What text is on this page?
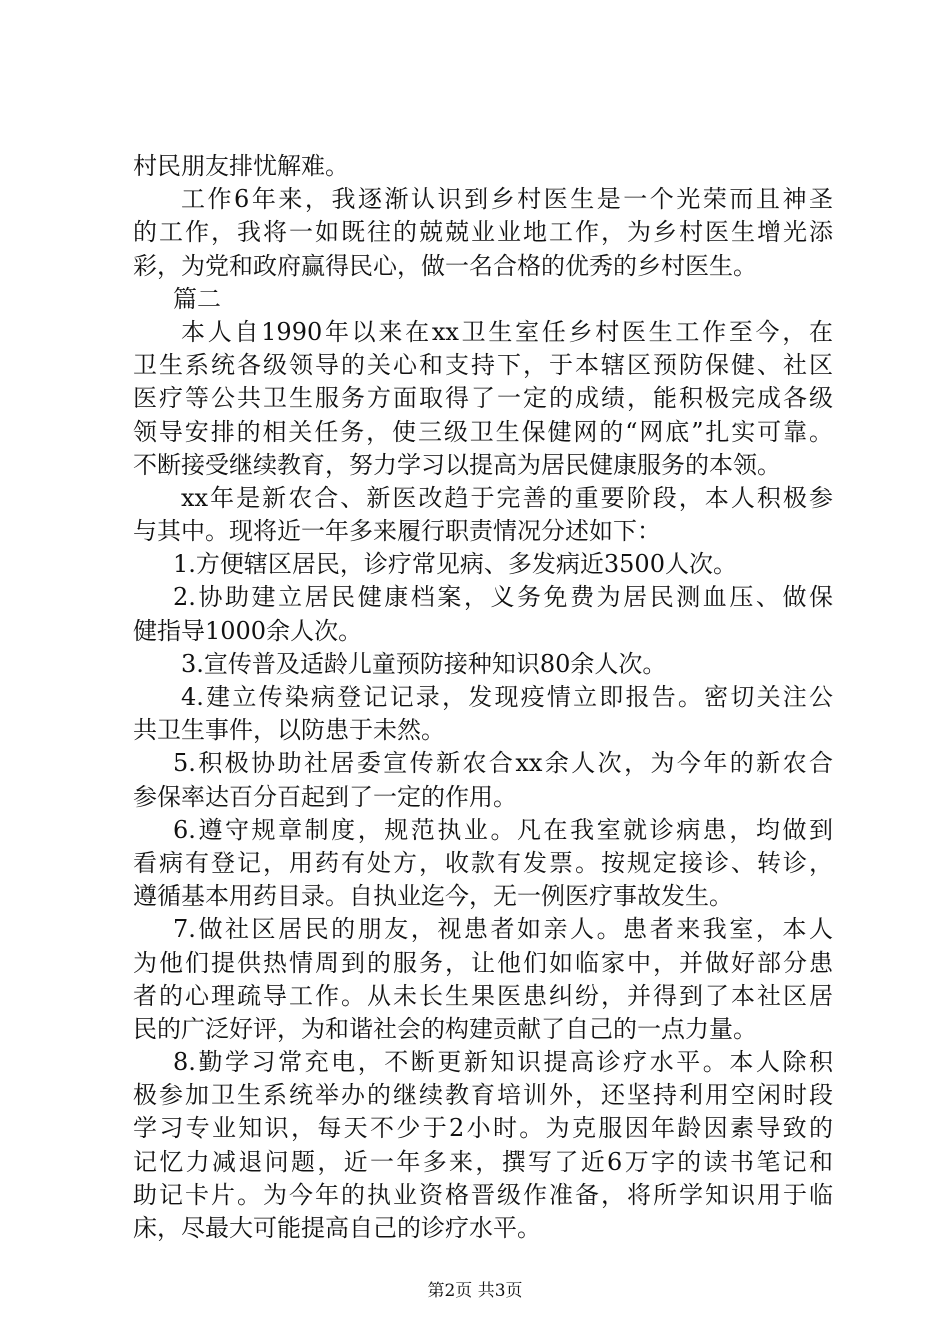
村民朋友排忧解难。
工作6年来，我逐渐认识到乡村医生是一个光荣而且神圣
的工作，我将一如既往的兢兢业业地工作，为乡村医生增光添
彩，为党和政府赢得民心，做一名合格的优秀的乡村医生。
篇二
本人自1990年以来在xx卫生室任乡村医生工作至今，在
卫生系统各级领导的关心和支持下，于本辖区预防保健、社区
医疗等公共卫生服务方面取得了一定的成绩，能积极完成各级
领导安排的相关任务，使三级卫生保健网的“网底”扎实可靠。
不断接受继续教育，努力学习以提高为居民健康服务的本领。
xx年是新农合、新医改趋于完善的重要阶段，本人积极参
与其中。现将近一年多来履行职责情况分述如下：
1.方便辖区居民，诊疗常见病、多发病近3500人次。
2.协助建立居民健康档案，义务免费为居民测血压、做保
健指导1000余人次。
3.宣传普及适龄儿童预防接种知识80余人次。
4.建立传染病登记记录，发现疫情立即报告。密切关注公
共卫生事件，以防患于未然。
5.积极协助社居委宣传新农合xx余人次，为今年的新农合
参保率达百分百起到了一定的作用。
6.遵守规章制度，规范执业。凡在我室就诊病患，均做到
看病有登记，用药有处方，收款有发票。按规定接诊、转诊，
遵循基本用药目录。自执业迄今，无一例医疗事故发生。
7.做社区居民的朋友，视患者如亲人。患者来我室，本人
为他们提供热情周到的服务，让他们如临家中，并做好部分患
者的心理疏导工作。从未长生果医患纠纷，并得到了本社区居
民的广泛好评，为和谐社会的构建贡献了自己的一点力量。
8.勤学习常充电，不断更新知识提高诊疗水平。本人除积
极参加卫生系统举办的继续教育培训外，还坚持利用空闲时段
学习专业知识，每天不少于2小时。为克服因年龄因素导致的
记忆力减退问题，近一年多来，撰写了近6万字的读书笔记和
助记卡片。为今年的执业资格晋级作准备，将所学知识用于临
床，尽最大可能提高自己的诊疗水平。
第2页 共3页
